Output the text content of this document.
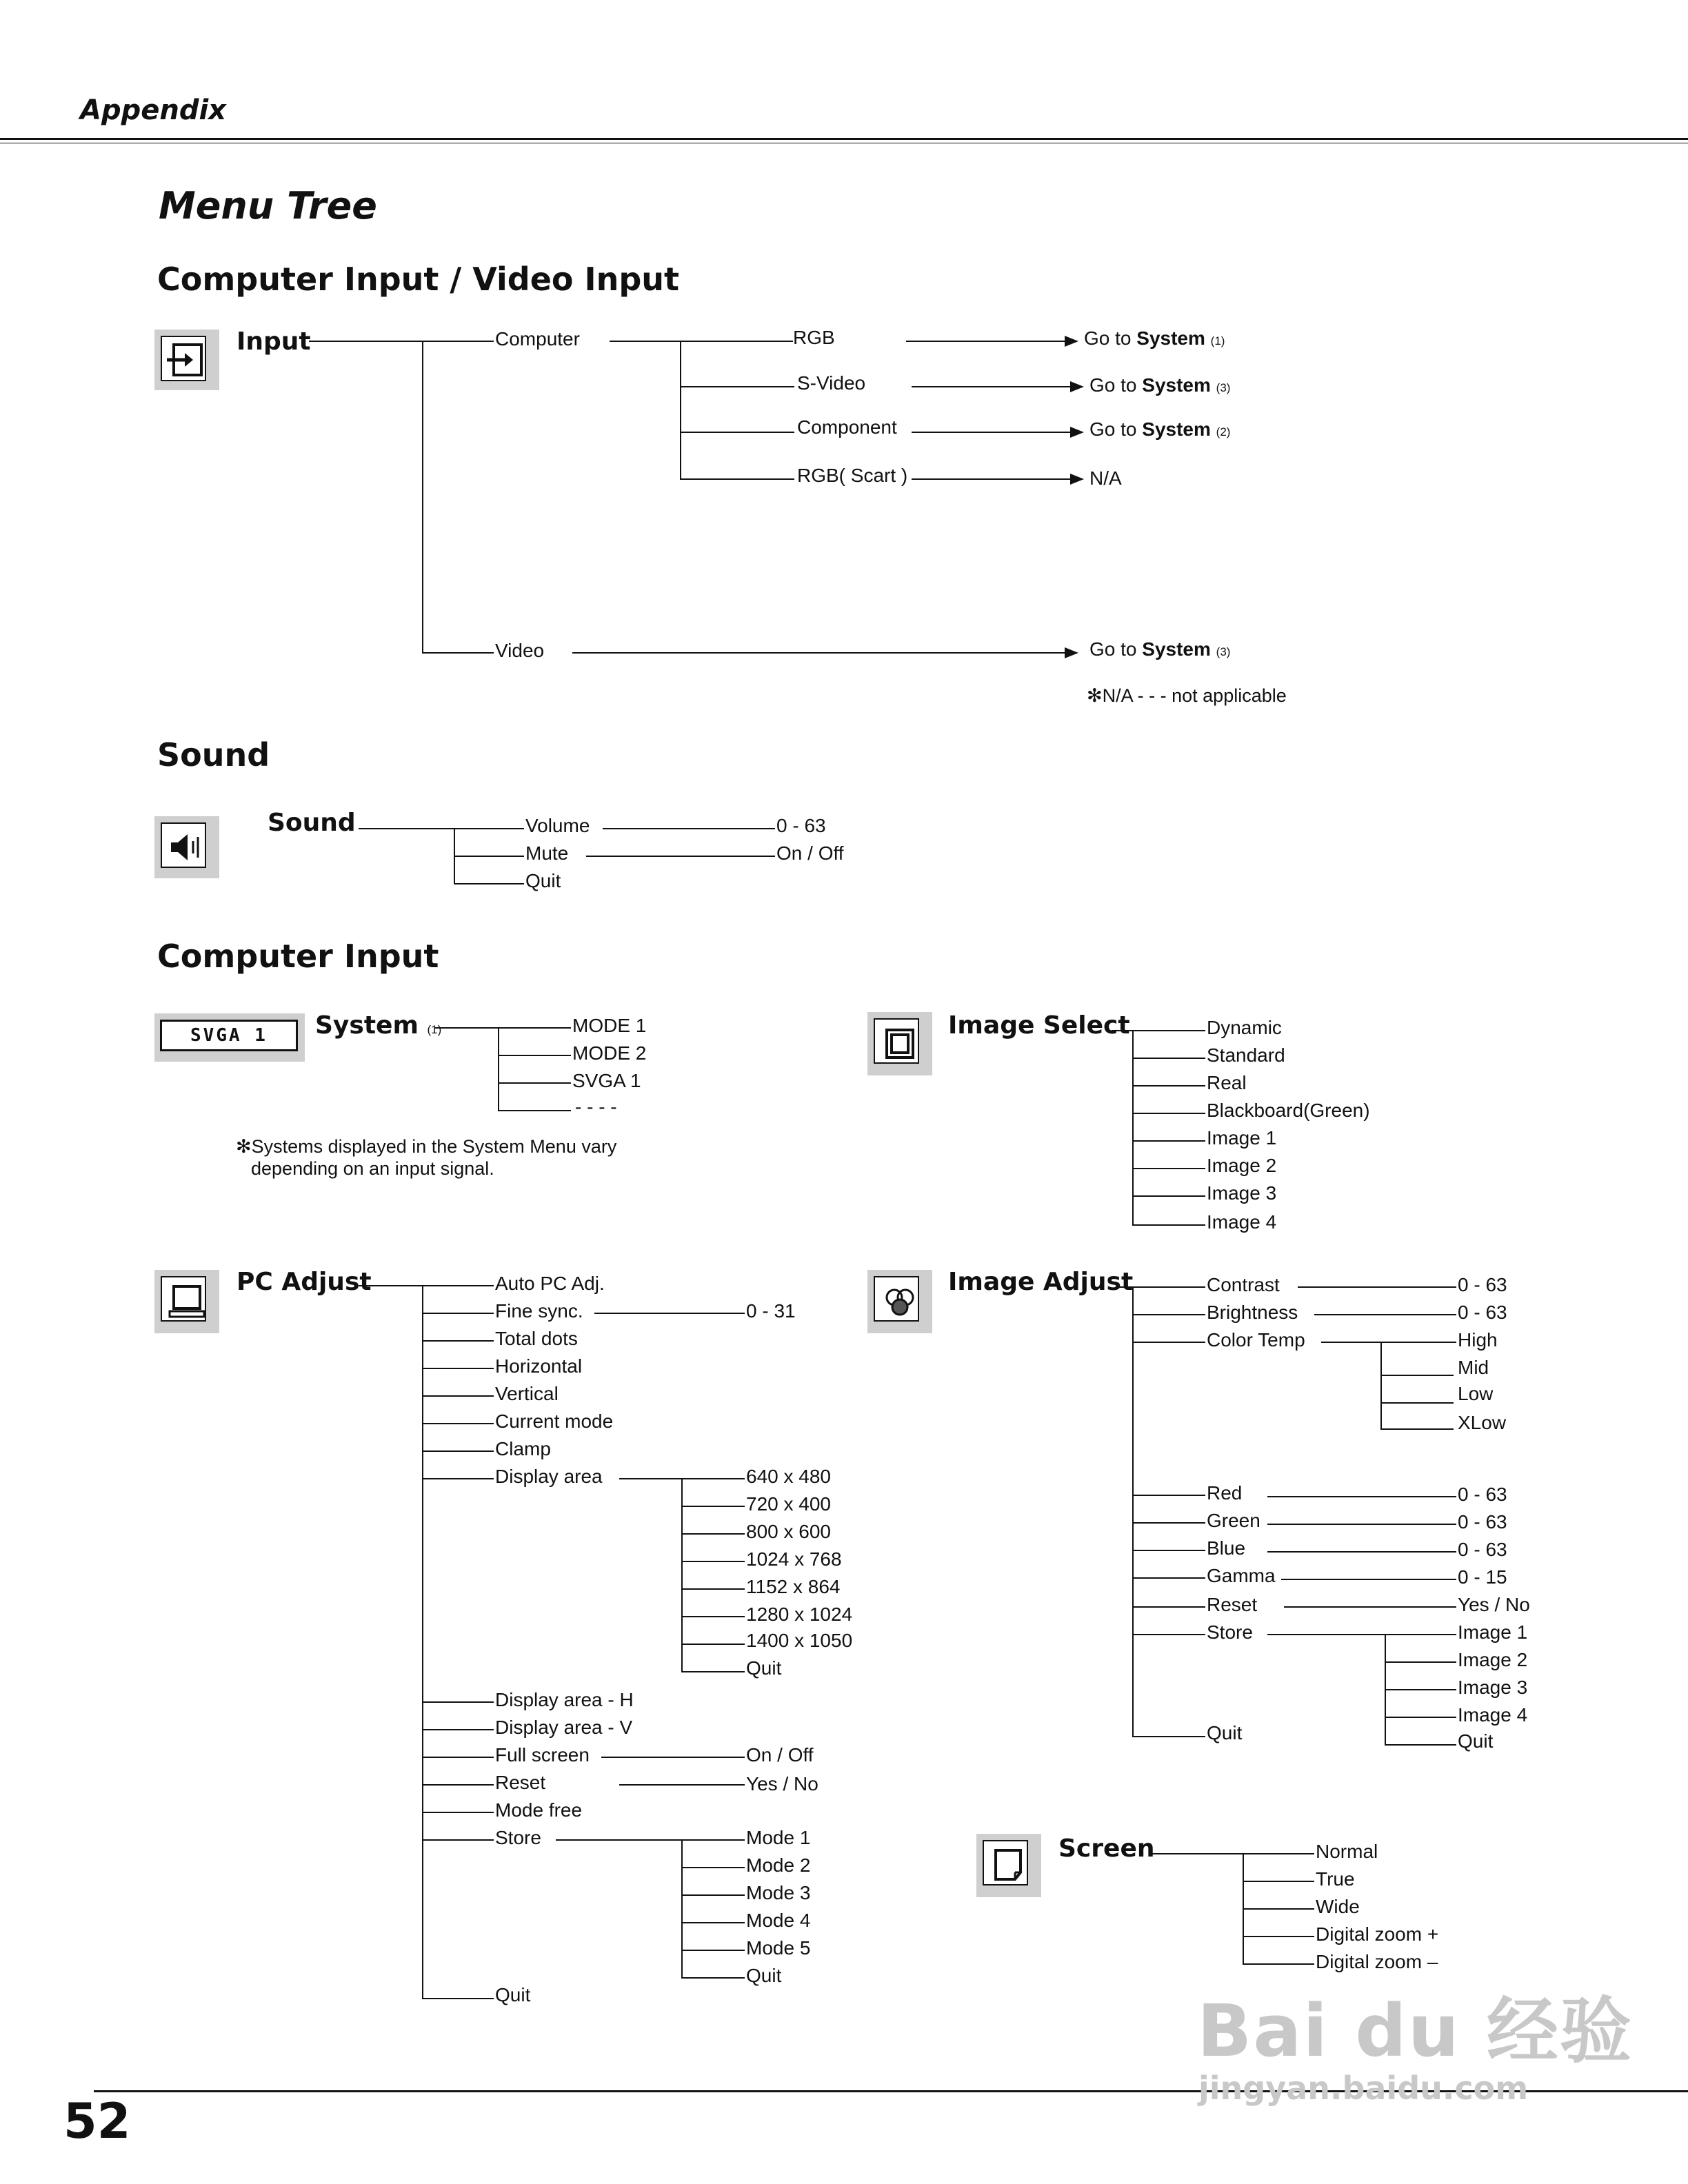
Appendix
Menu Tree
Computer Input / Video Input
Input	Computer	RGB	Go to System (1)
S-Video	Go to System (3)
Component	Go to System (2)
RGB( Scart )	N/A
Video	Go to System (3)
✻N/A - - - not applicable
Sound
Sound	Volume	0 - 63
Mute	On / Off
Quit
Computer Input
SVGA 1	System (1)	MODE 1
MODE 2
SVGA 1
- - - -
✻Systems displayed in the System Menu vary
depending on an input signal.
Image Select	Dynamic
Standard
Real
Blackboard(Green)
Image 1
Image 2
Image 3
Image 4
PC Adjust	Auto PC Adj.
Fine sync.	0 - 31
Total dots
Horizontal
Vertical
Current mode
Clamp
Display area	640 x 480
720 x 400
800 x 600
1024 x 768
1152 x 864
1280 x 1024
1400 x 1050
Quit
Display area - H
Display area - V
Full screen	On / Off
Reset	Yes / No
Mode free
Store	Mode 1
Mode 2
Mode 3
Mode 4
Mode 5
Quit
Quit
Image Adjust	Contrast	0 - 63
Brightness	0 - 63
Color Temp	High
Mid
Low
XLow
Red	0 - 63
Green	0 - 63
Blue	0 - 63
Gamma	0 - 15
Reset	Yes / No
Store	Image 1
Image 2
Image 3
Image 4
Quit
Quit
Screen	Normal
True
Wide
Digital zoom +
Digital zoom –
52
Bai du 经验
jingyan.baidu.com
